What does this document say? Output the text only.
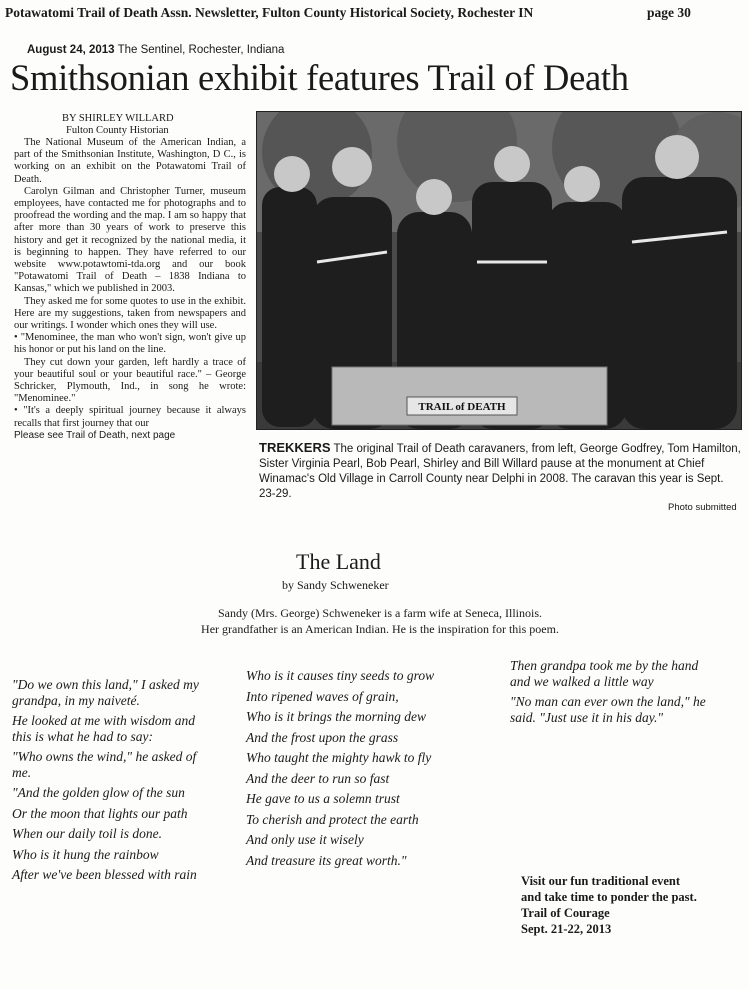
Potawatomi Trail of Death Assn. Newsletter, Fulton County Historical Society, Rochester IN	page 30
August 24, 2013 The Sentinel, Rochester, Indiana
Smithsonian exhibit features Trail of Death
BY SHIRLEY WILLARD
Fulton County Historian

The National Museum of the American Indian, a part of the Smithsonian Institute, Washington, D C., is working on an exhibit on the Potawatomi Trail of Death.

Carolyn Gilman and Christopher Turner, museum employees, have contacted me for photographs and to proofread the wording and the map. I am so happy that after more than 30 years of work to preserve this history and get it recognized by the national media, it is beginning to happen. They have referred to our website www.potawtomi-tda.org and our book "Potawatomi Trail of Death – 1838 Indiana to Kansas," which we published in 2003.

They asked me for some quotes to use in the exhibit. Here are my suggestions, taken from newspapers and our writings. I wonder which ones they will use.

• "Menominee, the man who won't sign, won't give up his honor or put his land on the line.

They cut down your garden, left hardly a trace of your beautiful soul or your beautiful race." – George Schricker, Plymouth, Ind., in song he wrote: "Menominee."

• "It's a deeply spiritual journey because it always recalls that first journey that our

Please see Trail of Death, next page
TRAIL of DEATH
TREKKERS The original Trail of Death caravaners, from left, George Godfrey, Tom Hamilton, Sister Virginia Pearl, Bob Pearl, Shirley and Bill Willard pause at the monument at Chief Winamac's Old Village in Carroll County near Delphi in 2008. The caravan this year is Sept. 23-29.
Photo submitted
The Land
by Sandy Schweneker
Sandy (Mrs. George) Schweneker is a farm wife at Seneca, Illinois.
Her grandfather is an American Indian. He is the inspiration for this poem.

"Do we own this land," I asked my grandpa, in my naiveté.

He looked at me with wisdom and this is what he had to say:

"Who owns the wind," he asked of me.

"And the golden glow of the sun

Or the moon that lights our path

When our daily toil is done.

Who is it hung the rainbow

After we've been blessed with rain

Who is it causes tiny seeds to grow

Into ripened waves of grain,

Who is it brings the morning dew

And the frost upon the grass

Who taught the mighty hawk to fly

And the deer to run so fast

He gave to us a solemn trust

To cherish and protect the earth

And only use it wisely

And treasure its great worth."

Then grandpa took me by the hand and we walked a little way

"No man can ever own the land," he said. "Just use it in his day."

Visit our fun traditional event
and take time to ponder the past.
Trail of Courage
Sept. 21-22, 2013
